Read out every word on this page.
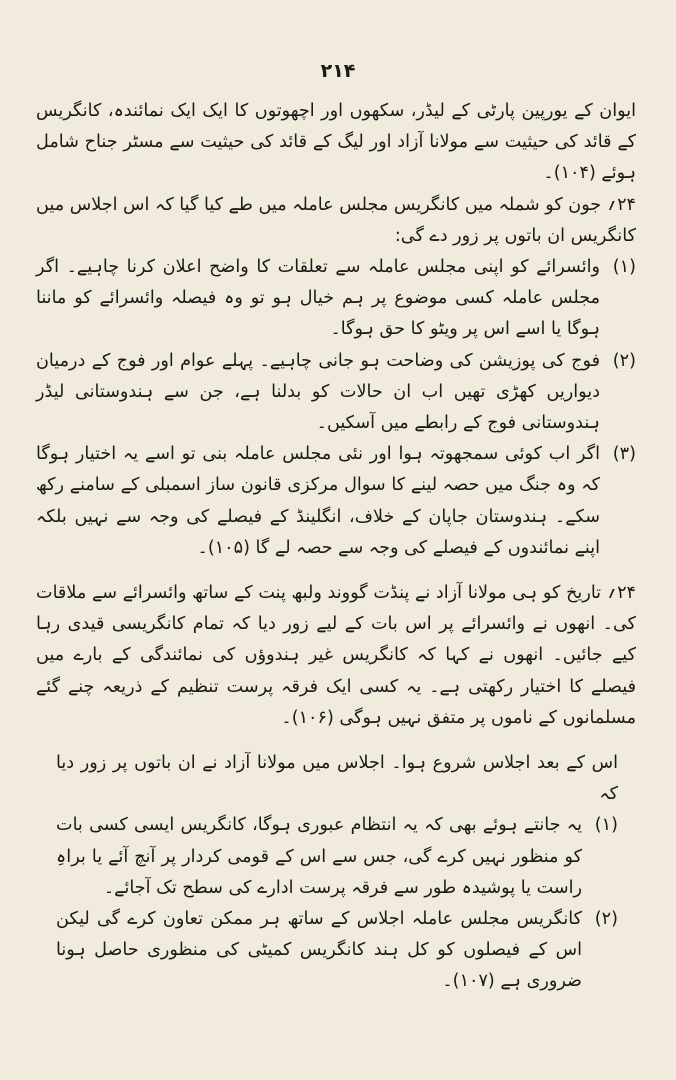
۲۱۴

ایوان کے یورپین پارٹی کے لیڈر، سکھوں اور اچھوتوں کا ایک ایک نمائندہ، کانگریس کے قائد کی حیثیت سے مولانا آزاد اور لیگ کے قائد کی حیثیت سے مسٹر جناح شامل ہوئے (۱۰۴)۔

۲۴؍ جون کو شملہ میں کانگریس مجلس عاملہ میں طے کیا گیا کہ اس اجلاس میں کانگریس ان باتوں پر زور دے گی:

(۱)
وائسرائے کو اپنی مجلس عاملہ سے تعلقات کا واضح اعلان کرنا چاہیے۔ اگر مجلس عاملہ کسی موضوع پر ہم خیال ہو تو وہ فیصلہ وائسرائے کو ماننا ہوگا یا اسے اس پر ویٹو کا حق ہوگا۔
(۲)
فوج کی پوزیشن کی وضاحت ہو جانی چاہیے۔ پہلے عوام اور فوج کے درمیان دیواریں کھڑی تھیں اب ان حالات کو بدلنا ہے، جن سے ہندوستانی لیڈر ہندوستانی فوج کے رابطے میں آسکیں۔
(۳)
اگر اب کوئی سمجھوتہ ہوا اور نئی مجلس عاملہ بنی تو اسے یہ اختیار ہوگا کہ وہ جنگ میں حصہ لینے کا سوال مرکزی قانون ساز اسمبلی کے سامنے رکھ سکے۔ ہندوستان جاپان کے خلاف، انگلینڈ کے فیصلے کی وجہ سے نہیں بلکہ اپنے نمائندوں کے فیصلے کی وجہ سے حصہ لے گا (۱۰۵)۔

۲۴؍ تاریخ کو ہی مولانا آزاد نے پنڈت گووند ولبھ پنت کے ساتھ وائسرائے سے ملاقات کی۔ انھوں نے وائسرائے پر اس بات کے لیے زور دیا کہ تمام کانگریسی قیدی رہا کیے جائیں۔ انھوں نے کہا کہ کانگریس غیر ہندوؤں کی نمائندگی کے بارے میں فیصلے کا اختیار رکھتی ہے۔ یہ کسی ایک فرقہ پرست تنظیم کے ذریعہ چنے گئے مسلمانوں کے ناموں پر متفق نہیں ہوگی (۱۰۶)۔

اس کے بعد اجلاس شروع ہوا۔ اجلاس میں مولانا آزاد نے ان باتوں پر زور دیا کہ

(۱)
یہ جانتے ہوئے بھی کہ یہ انتظام عبوری ہوگا، کانگریس ایسی کسی بات کو منظور نہیں کرے گی، جس سے اس کے قومی کردار پر آنچ آئے یا براہِ راست یا پوشیدہ طور سے فرقہ پرست ادارے کی سطح تک آجائے۔
(۲)
کانگریس مجلس عاملہ اجلاس کے ساتھ ہر ممکن تعاون کرے گی لیکن اس کے فیصلوں کو کل ہند کانگریس کمیٹی کی منظوری حاصل ہونا ضروری ہے (۱۰۷)۔
